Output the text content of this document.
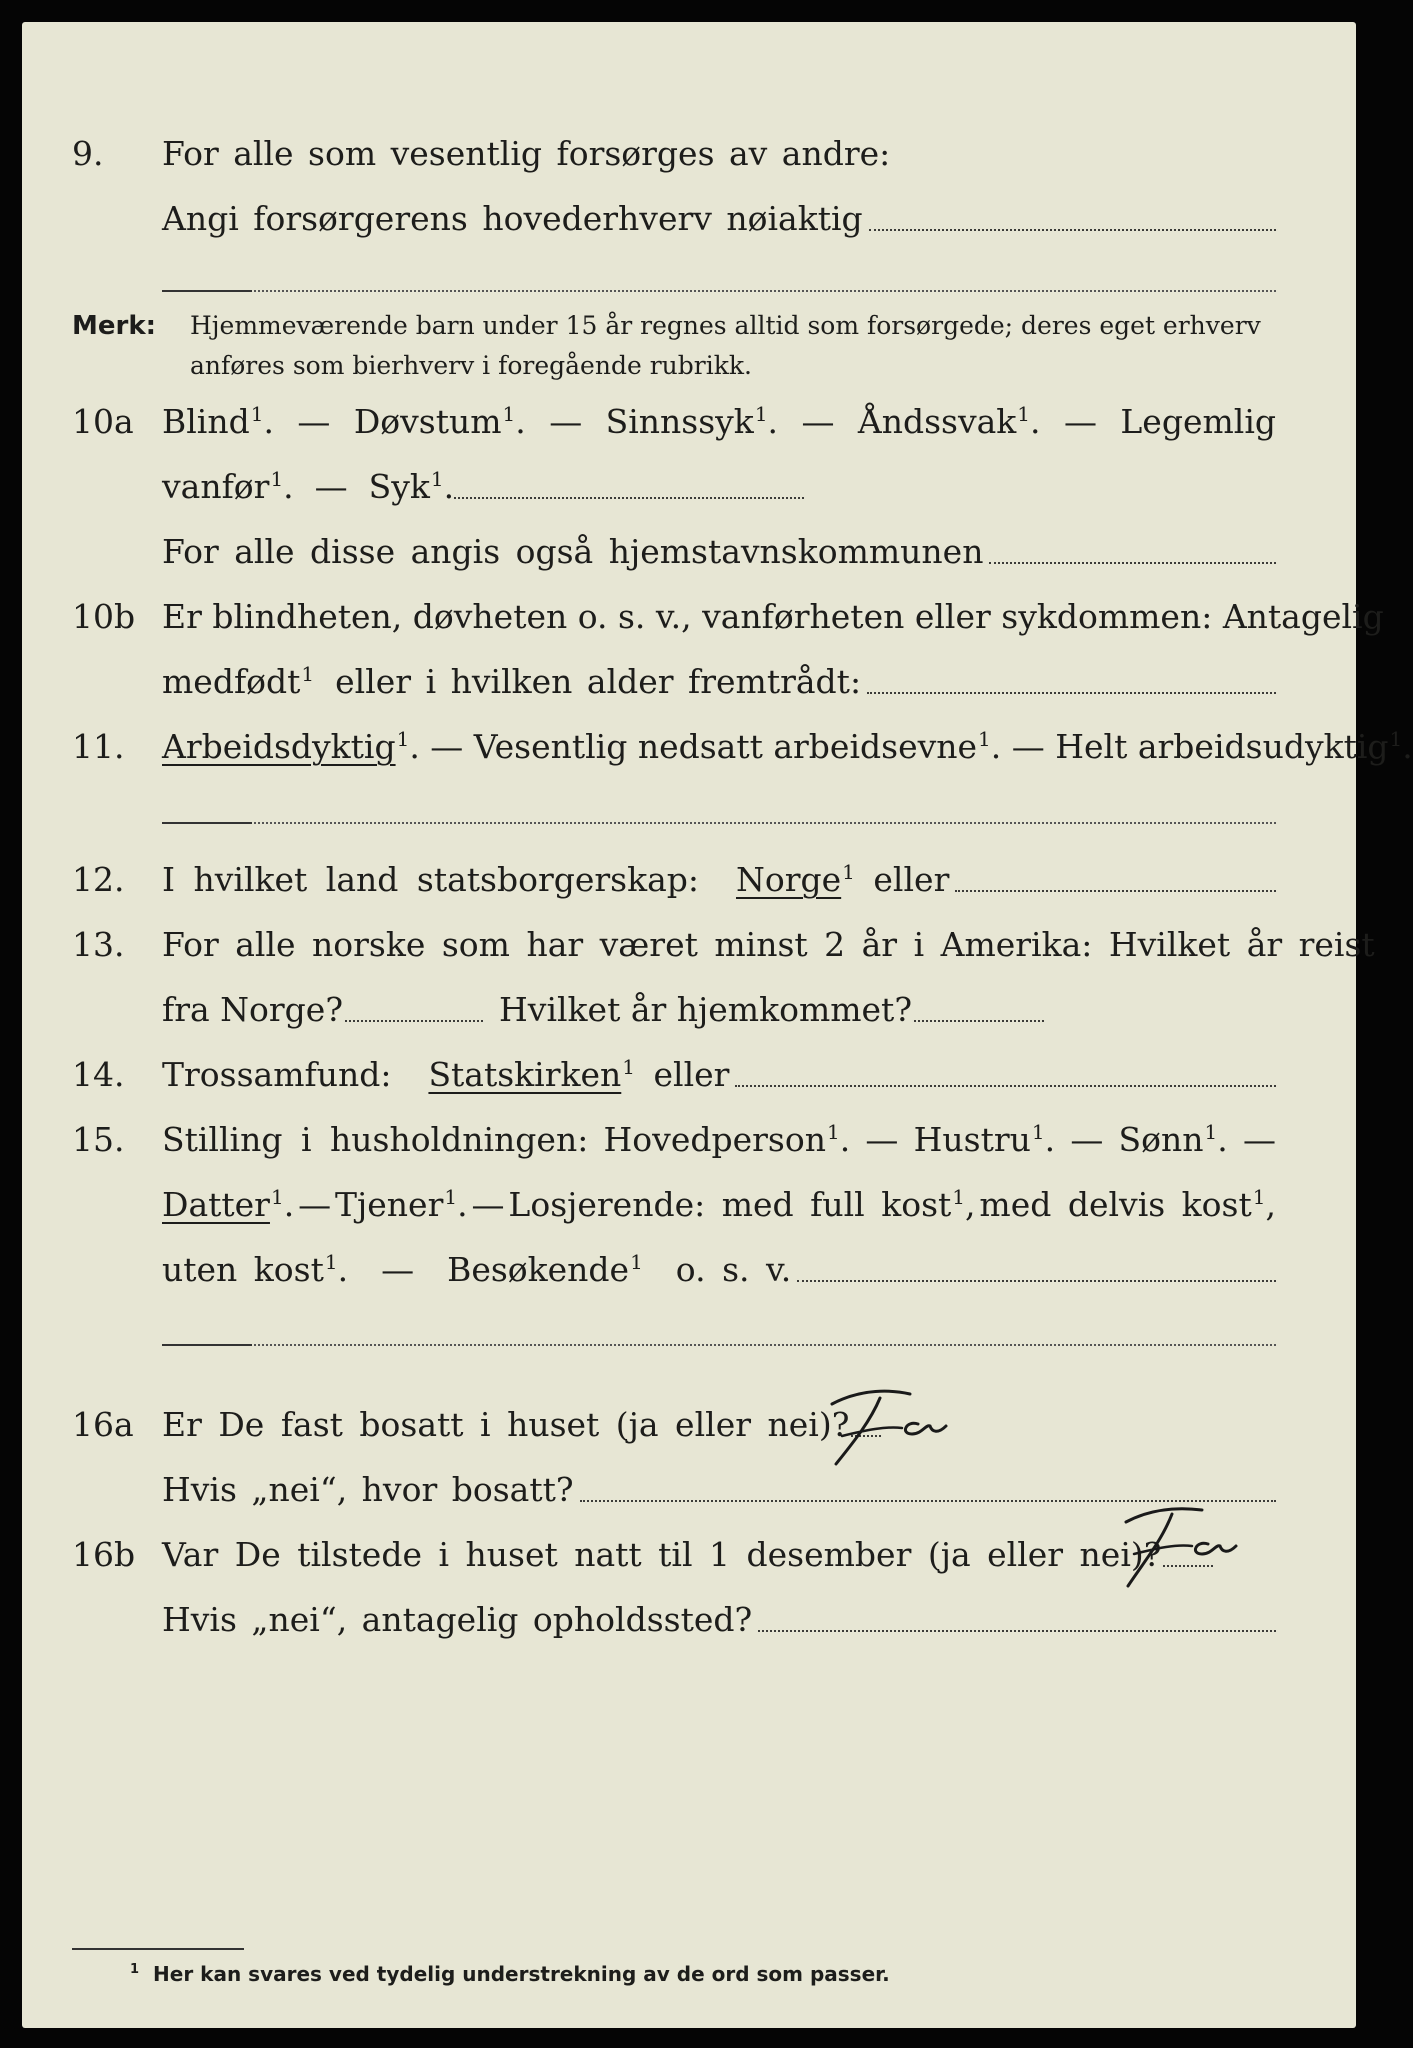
9. For alle som vesentlig forsørges av andre:
Angi forsørgerens hovederhverv nøiaktig
Merk: Hjemmeværende barn under 15 år regnes alltid som forsørgede; deres eget erhverv
anføres som bierhverv i foregående rubrikk.
10a Blind$^1$. — Døvstum$^1$. — Sinnssyk$^1$. — Åndssvak$^1$. — Legemlig
vanfør$^1$.  — Syk$^1$.
For alle disse angis også hjemstavnskommunen
10b Er blindheten, døvheten o. s. v., vanførheten eller sykdommen: Antagelig
medfødt$^1$ eller i hvilken alder fremtrådt:
11. Arbeidsdyktig$^1$. — Vesentlig nedsatt arbeidsevne$^1$. — Helt arbeidsudyktig$^1$.
12. I hvilket land statsborgerskap: Norge$^1$ eller
13. For alle norske som har været minst 2 år i Amerika: Hvilket år reist
fra Norge?	Hvilket år hjemkommet?
14. Trossamfund: Statskirken$^1$ eller
15. Stilling i husholdningen: Hovedperson$^1$. — Hustru$^1$. — Sønn$^1$. —
Datter$^1$. — Tjener$^1$. — Losjerende: med full kost$^1$, med delvis kost$^1$,
uten kost$^1$.  — Besøkende$^1$ o. s. v.
16a Er De fast bosatt i huset (ja eller nei)?
Hvis „nei“, hvor bosatt?
16b Var De tilstede i huset natt til 1 desember (ja eller nei)?
Hvis „nei“, antagelig opholdssted?
$^1$ Her kan svares ved tydelig understrekning av de ord som passer.
